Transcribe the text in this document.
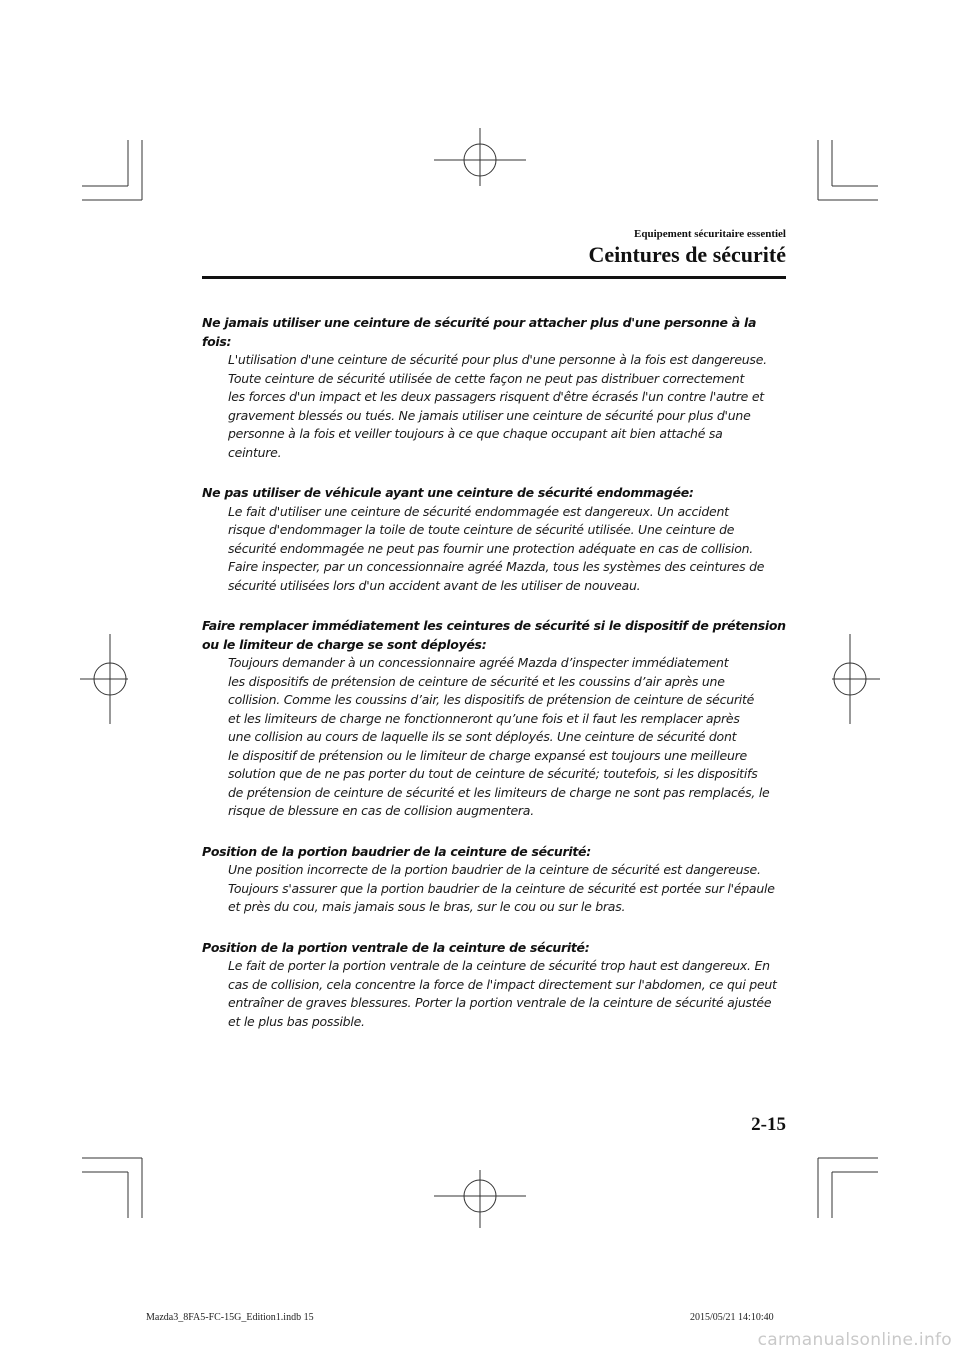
Equipement sécuritaire essentiel
Ceintures de sécurité
Ne jamais utiliser une ceinture de sécurité pour attacher plus d'une personne à la fois:
L'utilisation d'une ceinture de sécurité pour plus d'une personne à la fois est dangereuse.
Toute ceinture de sécurité utilisée de cette façon ne peut pas distribuer correctement
les forces d'un impact et les deux passagers risquent d'être écrasés l'un contre l'autre et
gravement blessés ou tués. Ne jamais utiliser une ceinture de sécurité pour plus d'une
personne à la fois et veiller toujours à ce que chaque occupant ait bien attaché sa
ceinture.
Ne pas utiliser de véhicule ayant une ceinture de sécurité endommagée:
Le fait d'utiliser une ceinture de sécurité endommagée est dangereux. Un accident
risque d'endommager la toile de toute ceinture de sécurité utilisée. Une ceinture de
sécurité endommagée ne peut pas fournir une protection adéquate en cas de collision.
Faire inspecter, par un concessionnaire agréé Mazda, tous les systèmes des ceintures de
sécurité utilisées lors d'un accident avant de les utiliser de nouveau.
Faire remplacer immédiatement les ceintures de sécurité si le dispositif de prétension
ou le limiteur de charge se sont déployés:
Toujours demander à un concessionnaire agréé Mazda d’inspecter immédiatement
les dispositifs de prétension de ceinture de sécurité et les coussins d’air après une
collision. Comme les coussins d’air, les dispositifs de prétension de ceinture de sécurité
et les limiteurs de charge ne fonctionneront qu’une fois et il faut les remplacer après
une collision au cours de laquelle ils se sont déployés. Une ceinture de sécurité dont
le dispositif de prétension ou le limiteur de charge expansé est toujours une meilleure
solution que de ne pas porter du tout de ceinture de sécurité; toutefois, si les dispositifs
de prétension de ceinture de sécurité et les limiteurs de charge ne sont pas remplacés, le
risque de blessure en cas de collision augmentera.
Position de la portion baudrier de la ceinture de sécurité:
Une position incorrecte de la portion baudrier de la ceinture de sécurité est dangereuse.
Toujours s'assurer que la portion baudrier de la ceinture de sécurité est portée sur l'épaule
et près du cou, mais jamais sous le bras, sur le cou ou sur le bras.
Position de la portion ventrale de la ceinture de sécurité:
Le fait de porter la portion ventrale de la ceinture de sécurité trop haut est dangereux. En
cas de collision, cela concentre la force de l'impact directement sur l'abdomen, ce qui peut
entraîner de graves blessures. Porter la portion ventrale de la ceinture de sécurité ajustée
et le plus bas possible.
2-15
Mazda3_8FA5-FC-15G_Edition1.indb 15	2015/05/21 14:10:40
carmanualsonline.info
